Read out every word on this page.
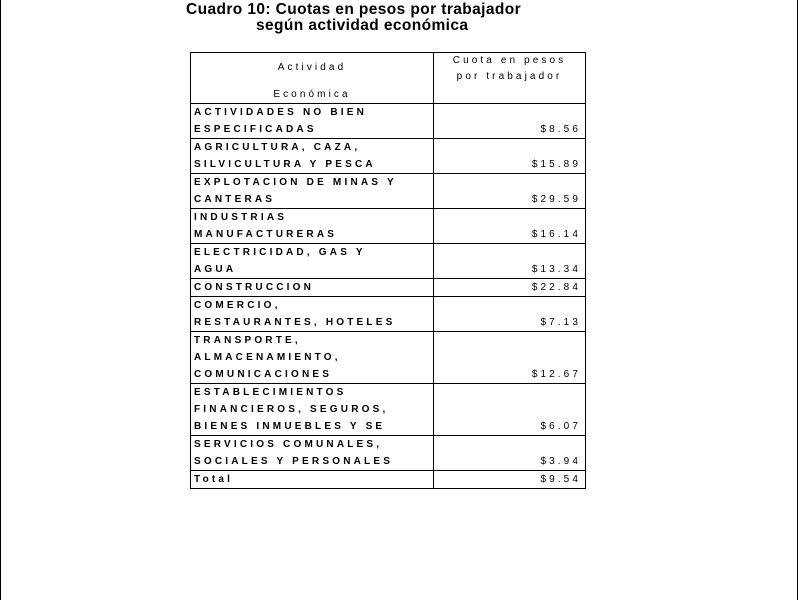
Cuadro 10: Cuotas en pesos por trabajador
según actividad económica
Actividad
Económica	Cuota en pesos
por trabajador

ACTIVIDADES NO BIEN
ESPECIFICADAS	$8.56

AGRICULTURA, CAZA,
SILVICULTURA Y PESCA	$15.89

EXPLOTACION DE MINAS Y
CANTERAS	$29.59

INDUSTRIAS
MANUFACTURERAS	$16.14

ELECTRICIDAD, GAS Y
AGUA	$13.34

CONSTRUCCION	$22.84

COMERCIO,
RESTAURANTES, HOTELES	$7.13

TRANSPORTE,
ALMACENAMIENTO,
COMUNICACIONES	$12.67

ESTABLECIMIENTOS
FINANCIEROS, SEGUROS,
BIENES INMUEBLES Y SE	$6.07

SERVICIOS COMUNALES,
SOCIALES Y PERSONALES	$3.94

Total	$9.54
